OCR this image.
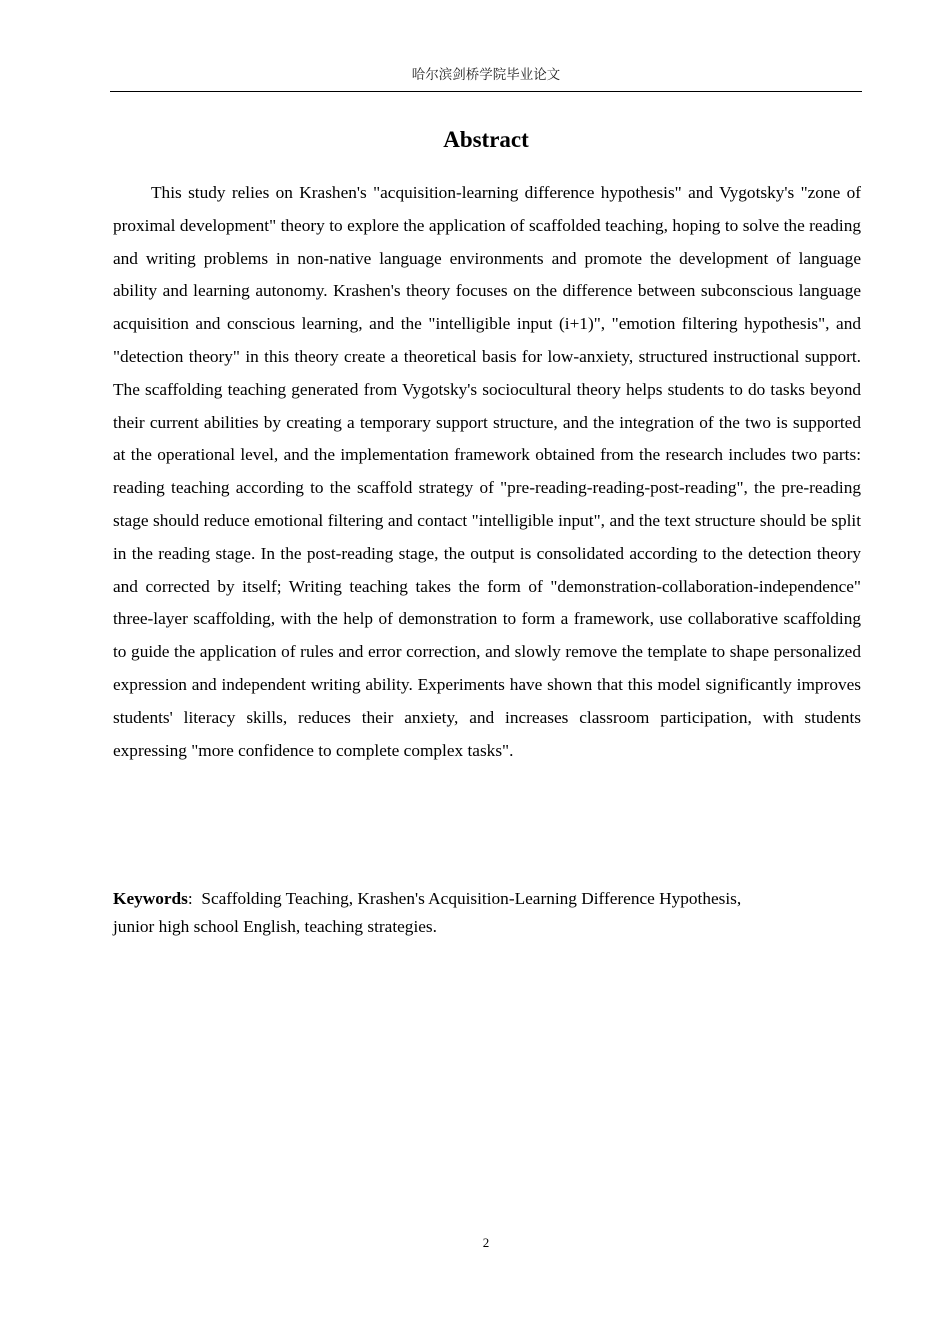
哈尔滨剑桥学院毕业论文
Abstract

This study relies on Krashen's "acquisition-learning difference hypothesis" and Vygotsky's "zone of proximal development" theory to explore the application of scaffolded teaching, hoping to solve the reading and writing problems in non-native language environments and promote the development of language ability and learning autonomy. Krashen's theory focuses on the difference between subconscious language acquisition and conscious learning, and the "intelligible input (i+1)", "emotion filtering hypothesis", and "detection theory" in this theory create a theoretical basis for low-anxiety, structured instructional support. The scaffolding teaching generated from Vygotsky's sociocultural theory helps students to do tasks beyond their current abilities by creating a temporary support structure, and the integration of the two is supported at the operational level, and the implementation framework obtained from the research includes two parts: reading teaching according to the scaffold strategy of "pre-reading-reading-post-reading", the pre-reading stage should reduce emotional filtering and contact "intelligible input", and the text structure should be split in the reading stage. In the post-reading stage, the output is consolidated according to the detection theory and corrected by itself; Writing teaching takes the form of "demonstration-collaboration-independence" three-layer scaffolding, with the help of demonstration to form a framework, use collaborative scaffolding to guide the application of rules and error correction, and slowly remove the template to shape personalized expression and independent writing ability. Experiments have shown that this model significantly improves students' literacy skills, reduces their anxiety, and increases classroom participation, with students expressing "more confidence to complete complex tasks".

Keywords: Scaffolding Teaching, Krashen's Acquisition-Learning Difference Hypothesis,
junior high school English, teaching strategies.

2
